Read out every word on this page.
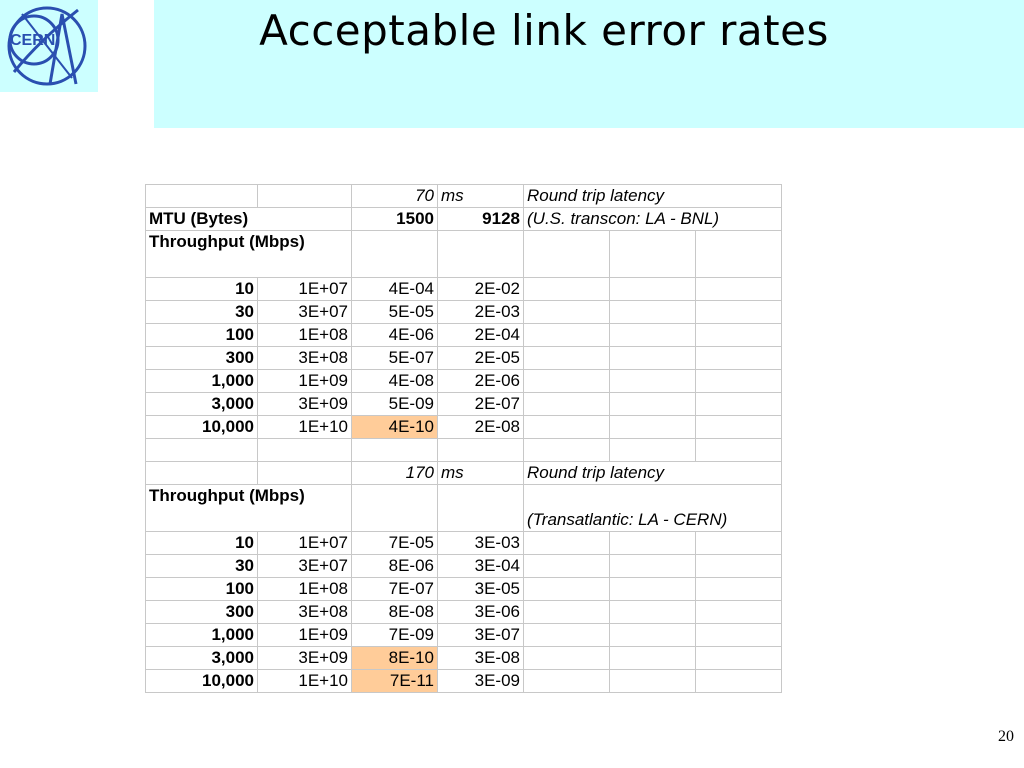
CERN	Acceptable link error rates
		70	ms	Round trip latency		
MTU (Bytes)		1500	9128	(U.S. transcon: LA - BNL)		
Throughput (Mbps)						
10	1E+07	4E-04	2E-02			
30	3E+07	5E-05	2E-03			
100	1E+08	4E-06	2E-04			
300	3E+08	5E-07	2E-05			
1,000	1E+09	4E-08	2E-06			
3,000	3E+09	5E-09	2E-07			
10,000	1E+10	4E-10	2E-08			

		170	ms	Round trip latency		
Throughput (Mbps)				(Transatlantic: LA - CERN)		
10	1E+07	7E-05	3E-03			
30	3E+07	8E-06	3E-04			
100	1E+08	7E-07	3E-05			
300	3E+08	8E-08	3E-06			
1,000	1E+09	7E-09	3E-07			
3,000	3E+09	8E-10	3E-08			
10,000	1E+10	7E-11	3E-09			
20
